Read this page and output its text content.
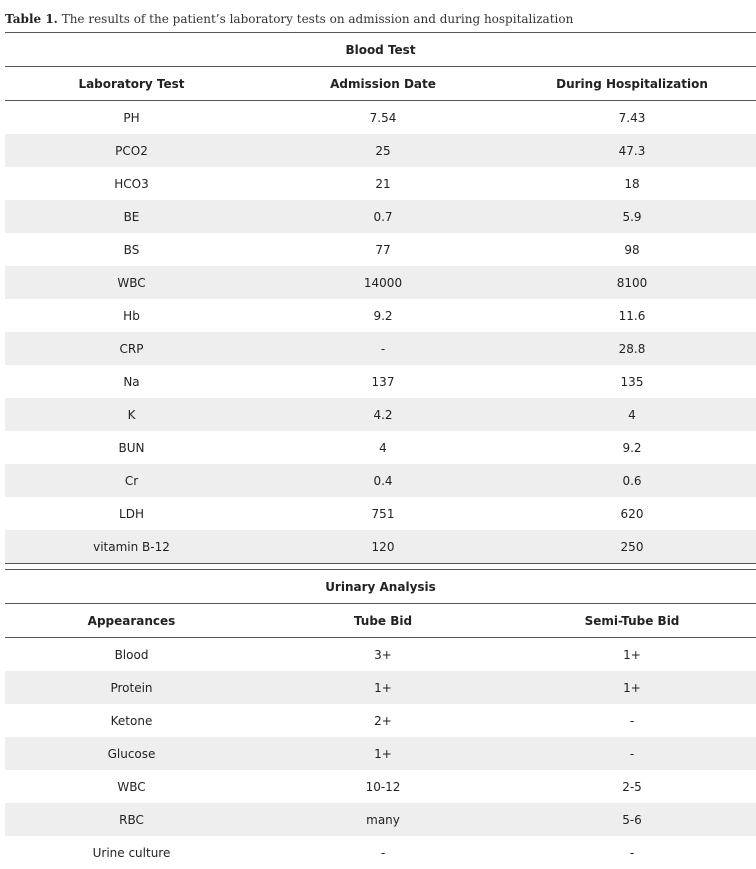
Table 1. The results of the patient’s laboratory tests on admission and during hospitalization
Blood Test
Laboratory Test	Admission Date	During Hospitalization
PH	7.54	7.43
PCO2	25	47.3
HCO3	21	18
BE	0.7	5.9
BS	77	98
WBC	14000	8100
Hb	9.2	11.6
CRP	-	28.8
Na	137	135
K	4.2	4
BUN	4	9.2
Cr	0.4	0.6
LDH	751	620
vitamin B-12	120	250
Urinary Analysis
Appearances	Tube Bid	Semi-Tube Bid
Blood	3+	1+
Protein	1+	1+
Ketone	2+	-
Glucose	1+	-
WBC	10-12	2-5
RBC	many	5-6
Urine culture	-	-
